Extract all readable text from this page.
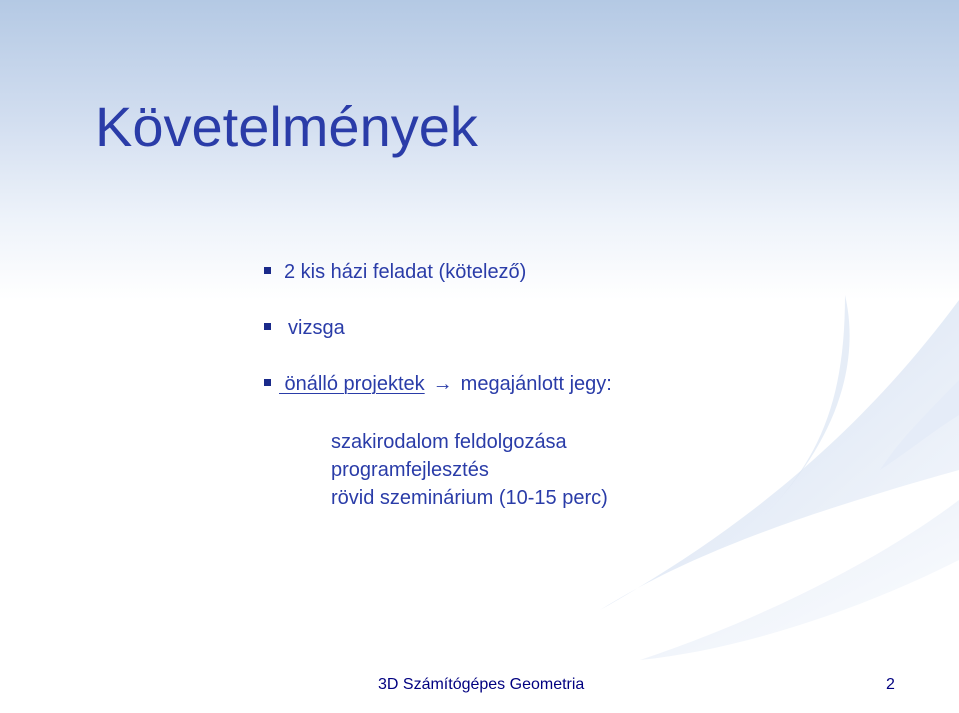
Követelmények
2 kis házi feladat (kötelező)
vizsga
önálló projektek → megajánlott jegy:
szakirodalom feldolgozása
programfejlesztés
rövid szeminárium (10-15 perc)
3D Számítógépes Geometria	2
